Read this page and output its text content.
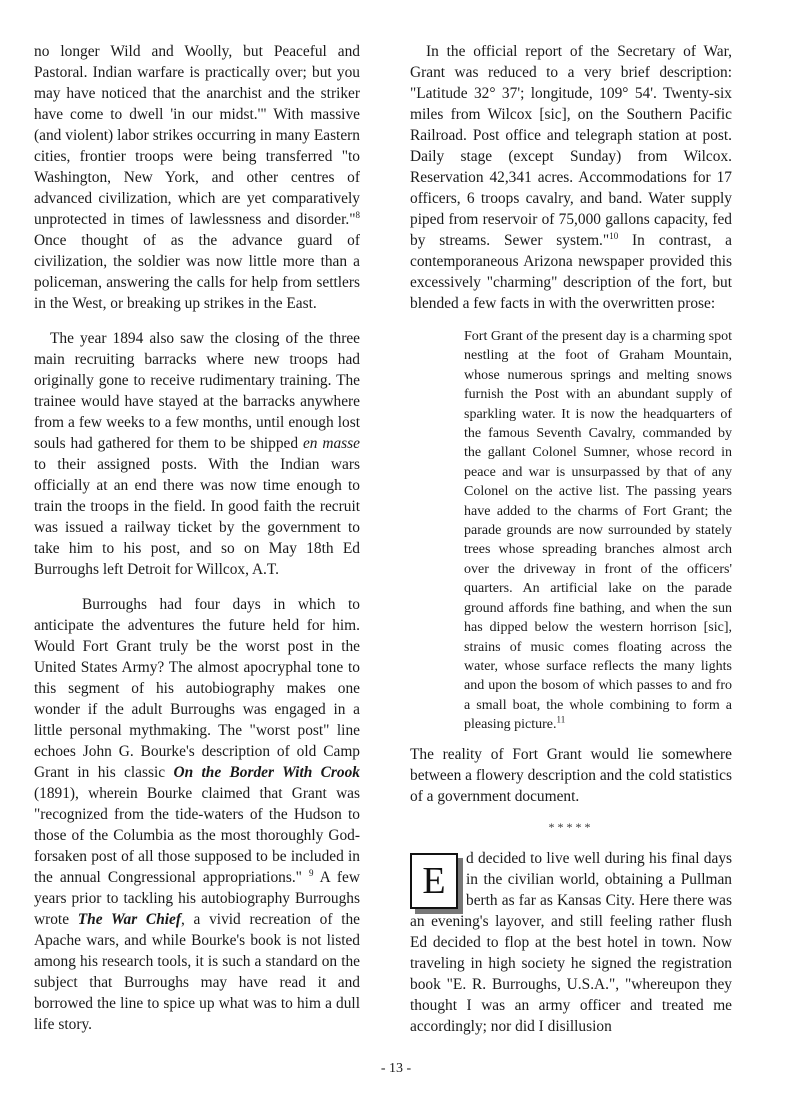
no longer Wild and Woolly, but Peaceful and Pastoral. Indian warfare is practically over; but you may have noticed that the anarchist and the striker have come to dwell 'in our midst.'" With massive (and violent) labor strikes occurring in many Eastern cities, frontier troops were being transferred "to Washington, New York, and other centres of advanced civilization, which are yet comparatively unprotected in times of lawlessness and disorder."$^8$ Once thought of as the advance guard of civilization, the soldier was now little more than a policeman, answering the calls for help from settlers in the West, or breaking up strikes in the East.

The year 1894 also saw the closing of the three main recruiting barracks where new troops had originally gone to receive rudimentary training. The trainee would have stayed at the barracks anywhere from a few weeks to a few months, until enough lost souls had gathered for them to be shipped en masse to their assigned posts. With the Indian wars officially at an end there was now time enough to train the troops in the field. In good faith the recruit was issued a railway ticket by the government to take him to his post, and so on May 18th Ed Burroughs left Detroit for Willcox, A.T.

Burroughs had four days in which to anticipate the adventures the future held for him. Would Fort Grant truly be the worst post in the United States Army? The almost apocryphal tone to this segment of his autobiography makes one wonder if the adult Burroughs was engaged in a little personal mythmaking. The "worst post" line echoes John G. Bourke's description of old Camp Grant in his classic On the Border With Crook (1891), wherein Bourke claimed that Grant was "recognized from the tide-waters of the Hudson to those of the Columbia as the most thoroughly God-forsaken post of all those supposed to be included in the annual Congressional appropriations." $^9$ A few years prior to tackling his autobiography Burroughs wrote The War Chief, a vivid recreation of the Apache wars, and while Bourke's book is not listed among his research tools, it is such a standard on the subject that Burroughs may have read it and borrowed the line to spice up what was to him a dull life story.

In the official report of the Secretary of War, Grant was reduced to a very brief description: "Latitude 32° 37'; longitude, 109° 54'. Twenty-six miles from Wilcox [sic], on the Southern Pacific Railroad. Post office and telegraph station at post. Daily stage (except Sunday) from Wilcox. Reservation 42,341 acres. Accommodations for 17 officers, 6 troops cavalry, and band. Water supply piped from reservoir of 75,000 gallons capacity, fed by streams. Sewer system."$^{10}$ In contrast, a contemporaneous Arizona newspaper provided this excessively "charming" description of the fort, but blended a few facts in with the overwritten prose:

Fort Grant of the present day is a charming spot nestling at the foot of Graham Mountain, whose numerous springs and melting snows furnish the Post with an abundant supply of sparkling water. It is now the headquarters of the famous Seventh Cavalry, commanded by the gallant Colonel Sumner, whose record in peace and war is unsurpassed by that of any Colonel on the active list. The passing years have added to the charms of Fort Grant; the parade grounds are now surrounded by stately trees whose spreading branches almost arch over the driveway in front of the officers' quarters. An artificial lake on the parade ground affords fine bathing, and when the sun has dipped below the western horrison [sic], strains of music comes floating across the water, whose surface reflects the many lights and upon the bosom of which passes to and fro a small boat, the whole combining to form a pleasing picture.$^{11}$

The reality of Fort Grant would lie somewhere between a flowery description and the cold statistics of a government document.

*****

E
d decided to live well during his final days in the civilian world, obtaining a Pullman berth as far as Kansas City. Here there was an evening's layover, and still feeling rather flush Ed decided to flop at the best hotel in town. Now traveling in high society he signed the registration book "E. R. Burroughs, U.S.A.", "whereupon they thought I was an army officer and treated me accordingly; nor did I disillusion

- 13 -
